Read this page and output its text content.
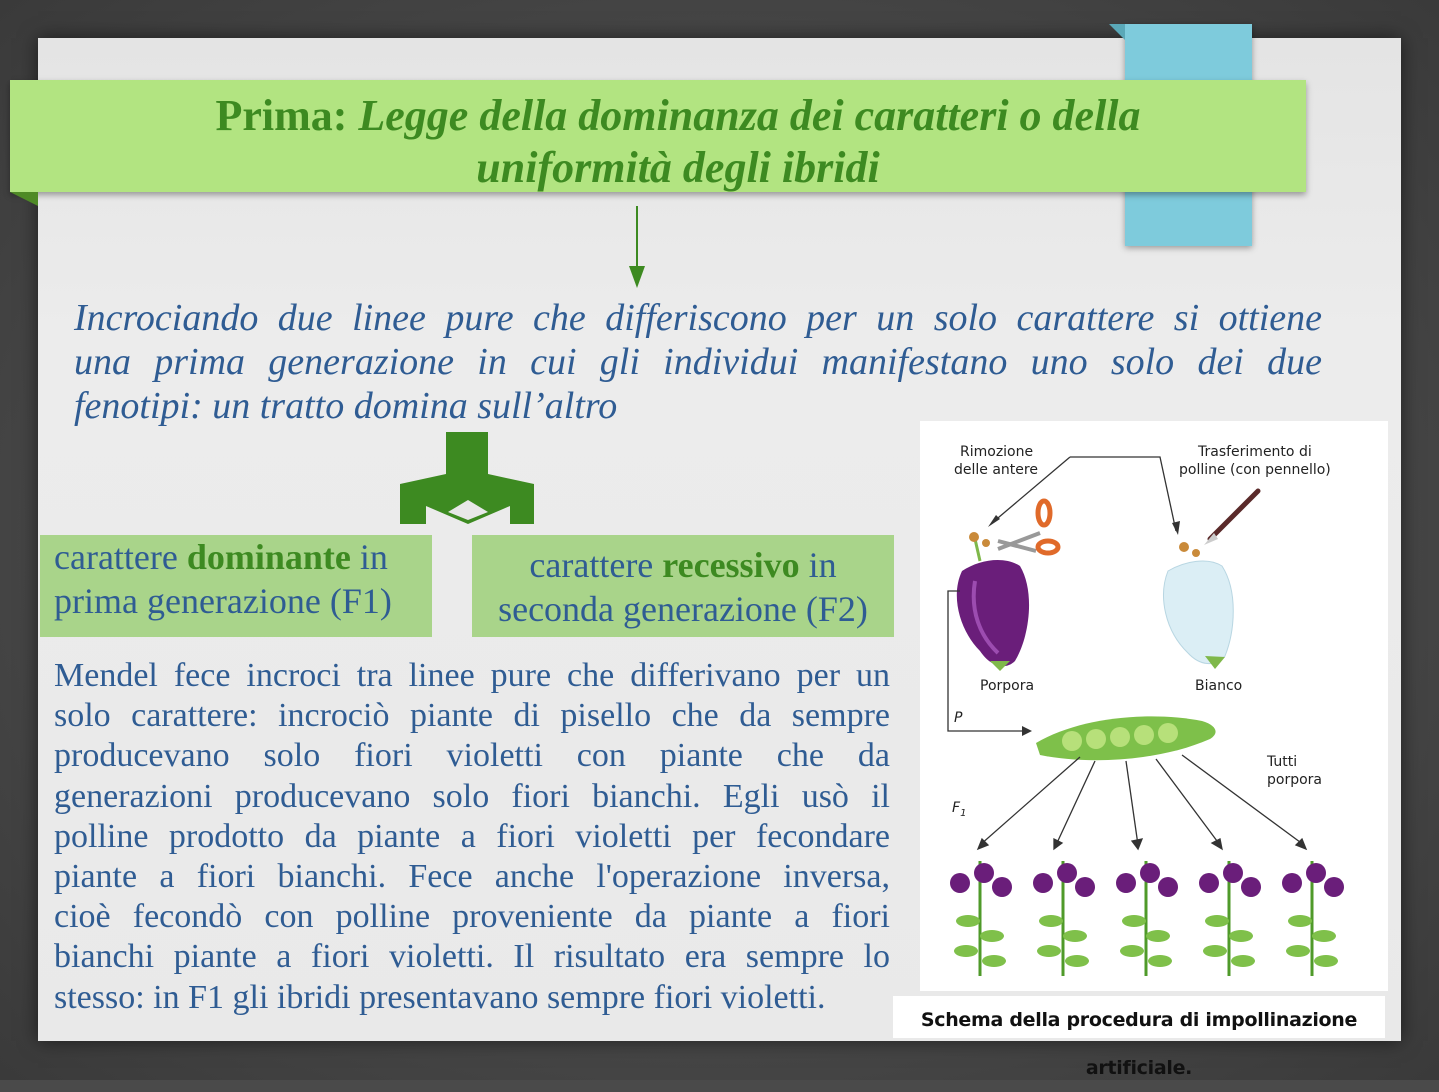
Prima: Legge della dominanza dei caratteri o della
uniformità degli ibridi
Incrociando due linee pure che differiscono per un solo carattere si ottiene
una prima generazione in cui gli individui manifestano uno solo dei due
fenotipi: un tratto domina sull’altro
carattere dominante in
prima generazione (F1)
carattere recessivo in
seconda generazione (F2)
Mendel fece incroci tra linee pure che differivano per un
solo carattere: incrociò piante di pisello che da sempre
producevano solo fiori violetti con piante che da
generazioni producevano solo fiori bianchi. Egli usò il
polline prodotto da piante a fiori violetti per fecondare
piante a fiori bianchi. Fece anche l'operazione inversa,
cioè fecondò con polline proveniente da piante a fiori
bianchi piante a fiori violetti. Il risultato era sempre lo
stesso: in F1 gli ibridi presentavano sempre fiori violetti.
Rimozione
delle antere
Trasferimento di
polline (con pennello)
Porpora	Bianco
P
$F_1$
Tutti
porpora
Schema della procedura di impollinazione artificiale.
